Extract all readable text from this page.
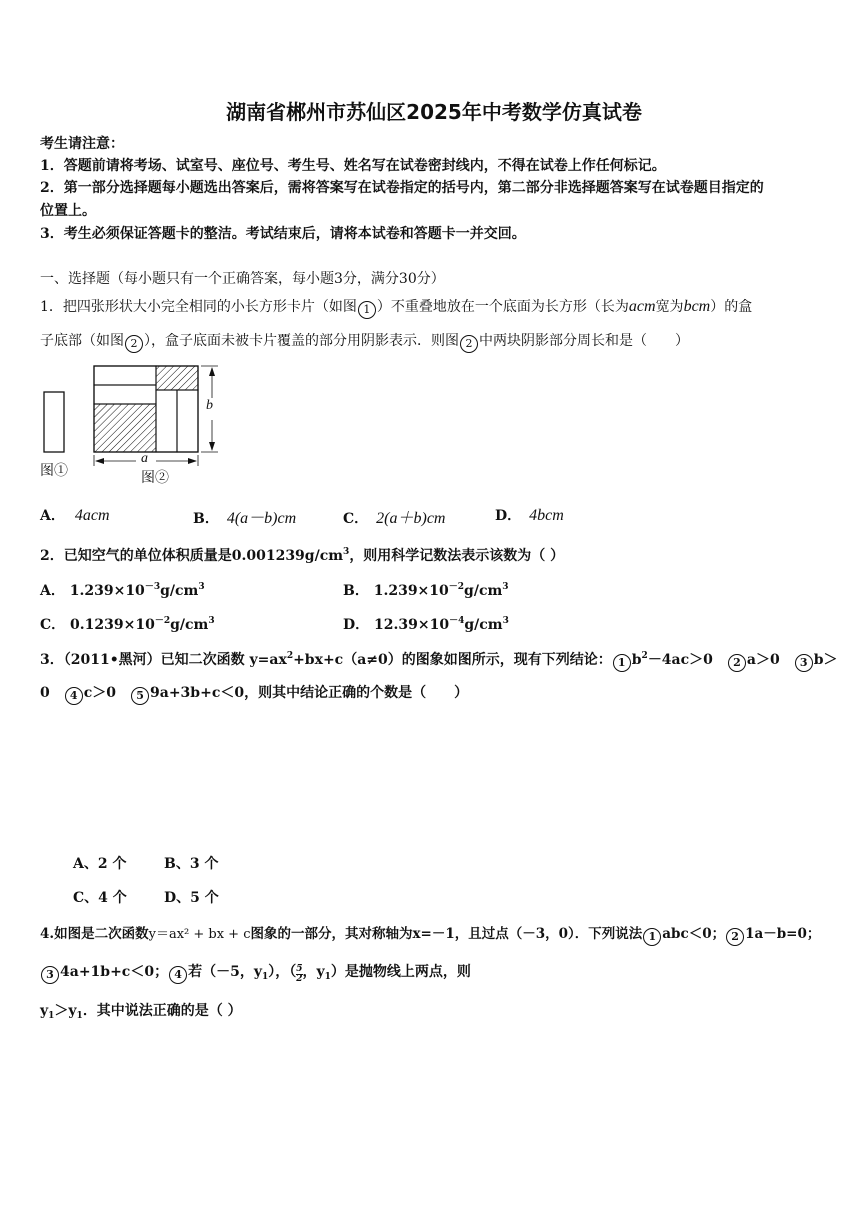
湖南省郴州市苏仙区2025年中考数学仿真试卷
考生请注意：
1．答题前请将考场、试室号、座位号、考生号、姓名写在试卷密封线内，不得在试卷上作任何标记。
2．第一部分选择题每小题选出答案后，需将答案写在试卷指定的括号内，第二部分非选择题答案写在试卷题目指定的
位置上。
3．考生必须保证答题卡的整洁。考试结束后，请将本试卷和答题卡一并交回。
一、选择题（每小题只有一个正确答案，每小题3分，满分30分）
1．把四张形状大小完全相同的小长方形卡片（如图 1 ）不重叠地放在一个底面为长方形（长为acm宽为bcm）的盒
子底部（如图 2 ），盒子底面未被卡片覆盖的部分用阴影表示．则图 2 中两块阴影部分周长和是（　　）
b
a
图①	图②
A． 4acm	B． 4(a－b)cm	C． 2(a＋b)cm	D． 4bcm
2．已知空气的单位体积质量是$0.001239g/cm^3$，则用科学记数法表示该数为（ ）
A． $1.239\times 10^{-3}g/cm^3$	B． $1.239\times 10^{-2}g/cm^3$
C． $0.1239\times 10^{-2}g/cm^3$	D． $12.39\times 10^{-4}g/cm^3$
3．（2011•黑河）已知二次函数 $y=ax^2+bx+c(a\ne 0)$的图象如图所示，现有下列结论： 1 $b^2-4ac>0$ 2 a＞0 3 b＞
0 4 c＞0 5 9a+3b+c＜0，则其中结论正确的个数是（　　）
A、2 个	B、3 个
C、4 个	D、5 个
4.如图是二次函数y＝ax² + bx + c图象的一部分，其对称轴为x=－1，且过点（－3，0）．下列说法 1 abc＜0； 2 1a－b=0；
3 4a+1b+c＜0； 4 若（－5，$y_1$），（ $\frac{5}{2}$ ，$y_1$）是抛物线上两点，则
$y_1>y_1$．其中说法正确的是（ ）
